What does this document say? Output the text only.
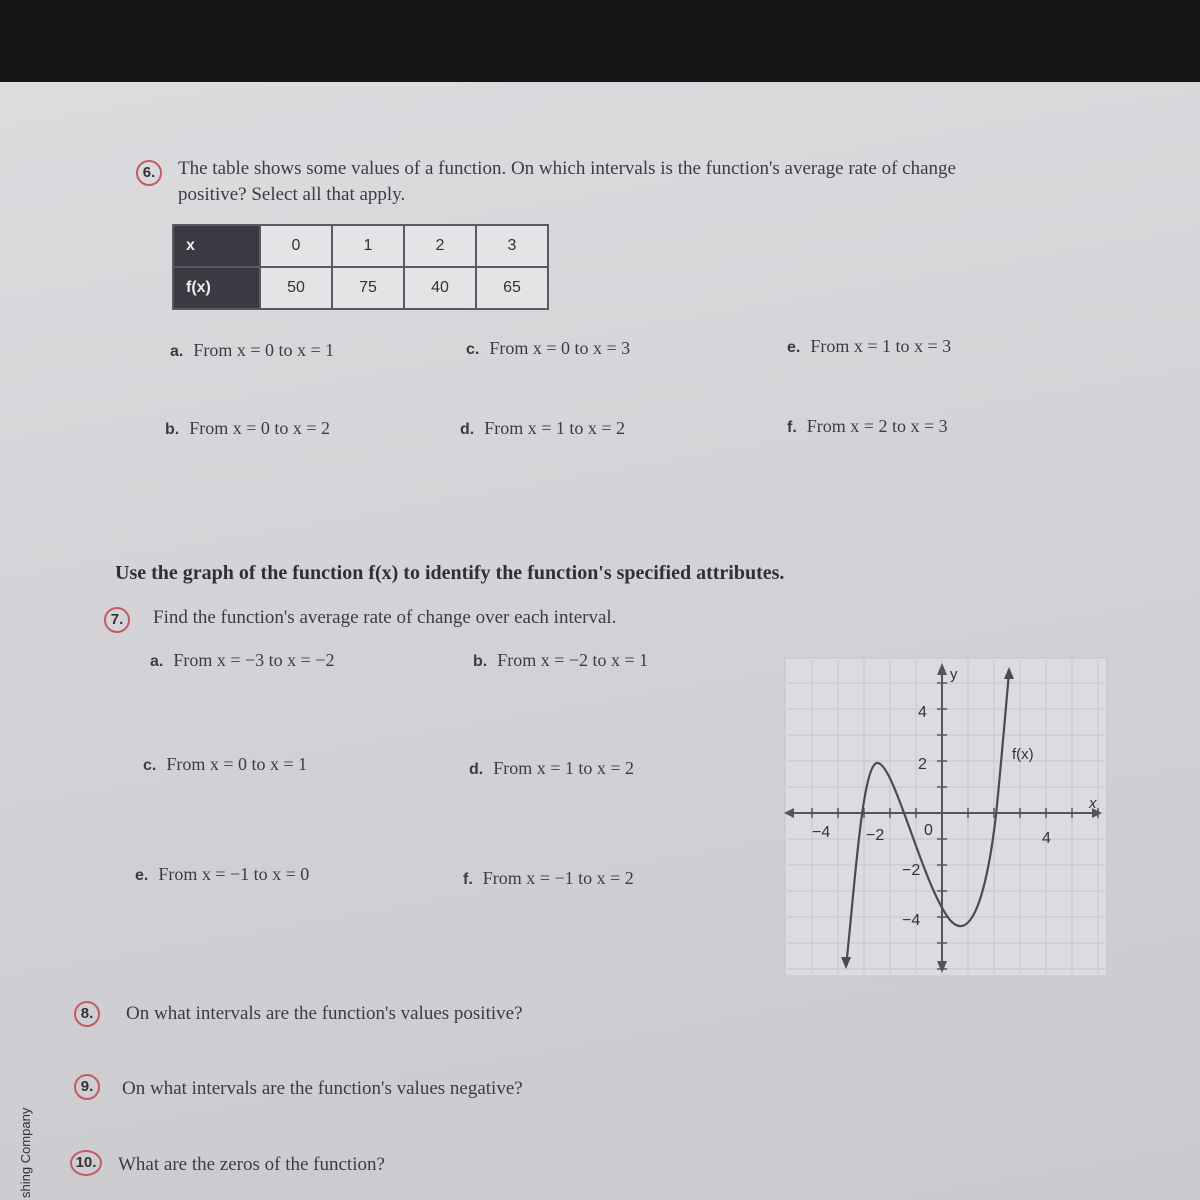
6.	The table shows some values of a function. On which intervals is the function's average rate of change
positive? Select all that apply.
x	0	1	2	3
f(x)	50	75	40	65
a. From x = 0 to x = 1
b. From x = 0 to x = 2
c. From x = 0 to x = 3
d. From x = 1 to x = 2
e. From x = 1 to x = 3
f. From x = 2 to x = 3
Use the graph of the function f(x) to identify the function's specified attributes.
7.	Find the function's average rate of change over each interval.
a. From x = −3 to x = −2	b. From x = −2 to x = 1
c. From x = 0 to x = 1	d. From x = 1 to x = 2
e. From x = −1 to x = 0	f. From x = −1 to x = 2
y
x
f(x)
−4 −2 0	4
4
2
−2
−4
8.	On what intervals are the function's values positive?
9.	On what intervals are the function's values negative?
10. What are the zeros of the function?
shing Company
